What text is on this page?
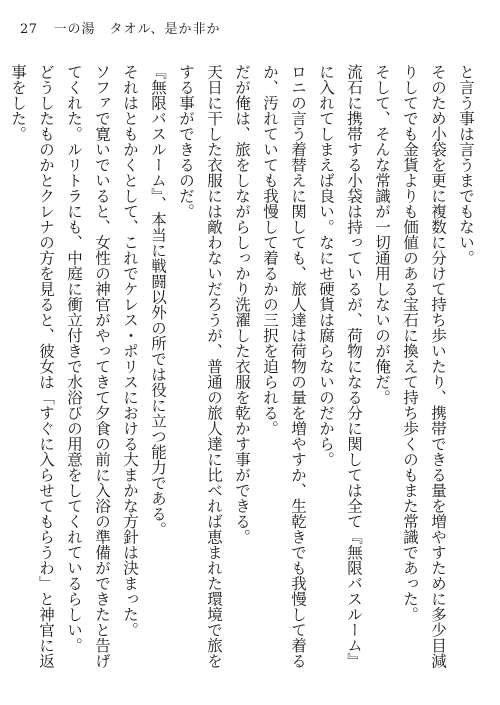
27 一の湯　タオル、是か非か

と言う事は言うまでもない。

そのため小袋を更に複数に分けて持ち歩いたり、携帯できる量を増やすために多少目減

りしてでも金貨よりも価値のある宝石に換えて持ち歩くのもまた常識であった。

そして、そんな常識が一切通用しないのが俺だ。

流石に携帯する小袋は持っているが、荷物になる分に関しては全て『無限バスルーム』

に入れてしまえば良い。なにせ硬貨は腐らないのだから。

ロニの言う着替えに関しても、旅人達は荷物の量を増やすか、生乾きでも我慢して着る

か、汚れていても我慢して着るかの三択を迫られる。

だが俺は、旅をしながらしっかり洗濯した衣服を乾かす事ができる。

天日に干した衣服には敵わないだろうが、普通の旅人達に比べれば恵まれた環境で旅を

する事ができるのだ。

『無限バスルーム』、本当に戦闘以外の所では役に立つ能力である。

それはともかくとして、これでケレス・ポリスにおける大まかな方針は決まった。

ソファで寛いでいると、女性の神官がやってきて夕食の前に入浴の準備ができたと告げ

てくれた。ルリトラにも、中庭に衝立付きで水浴びの用意をしてくれているらしい。

どうしたものかとクレナの方を見ると、彼女は「すぐに入らせてもらうわ」と神官に返

事をした。
